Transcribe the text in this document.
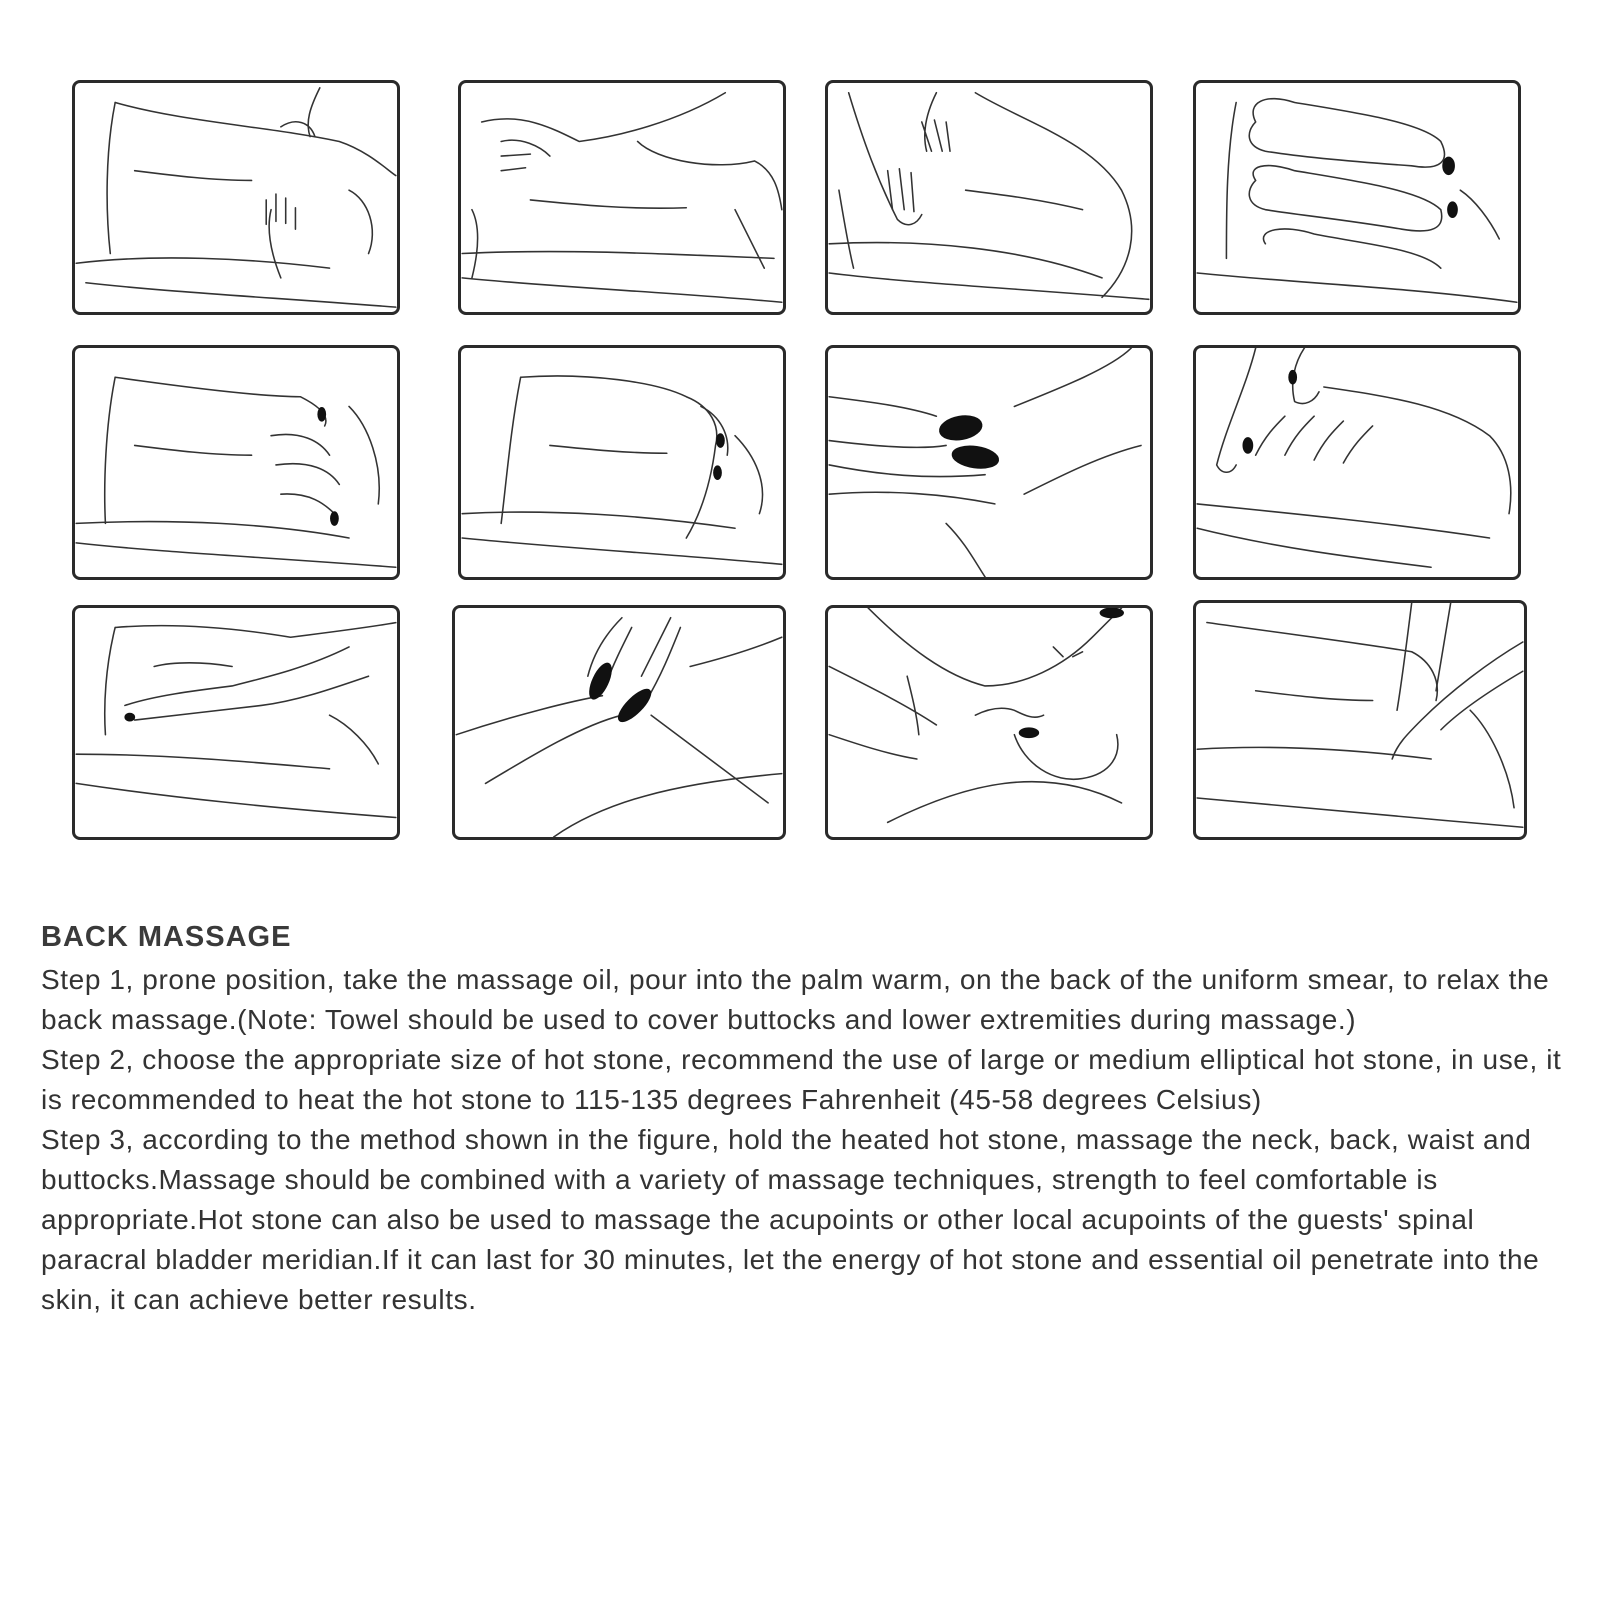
BACK MASSAGE

Step 1, prone position, take the massage oil, pour into the palm warm, on the back of the uniform smear, to relax the back massage.(Note: Towel should be used to cover buttocks and lower extremities during massage.)

Step 2, choose the appropriate size of hot stone, recommend the use of large or medium elliptical hot stone, in use, it is recommended to heat the hot stone to 115-135 degrees Fahrenheit (45-58 degrees Celsius)

Step 3, according to the method shown in the figure, hold the heated hot stone, massage the neck, back, waist and buttocks.Massage should be combined with a variety of massage techniques, strength to feel comfortable is appropriate.Hot stone can also be used to massage the acupoints or other local acupoints of the guests' spinal paracral bladder meridian.If it can last for 30 minutes, let the energy of hot stone and essential oil penetrate into the skin, it can achieve better results.
